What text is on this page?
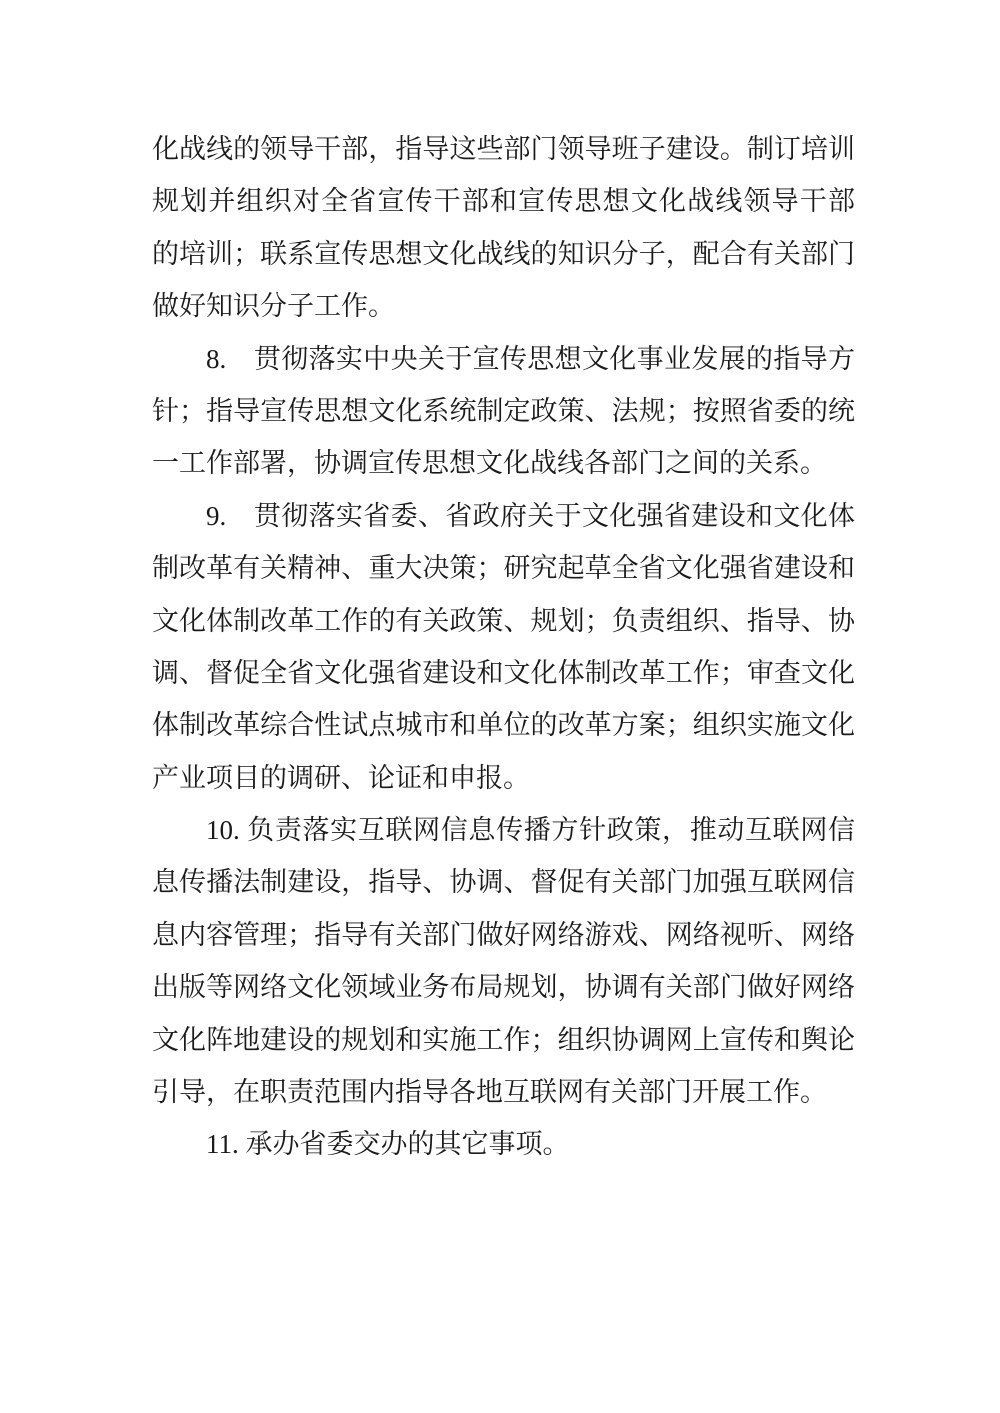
化战线的领导干部，指导这些部门领导班子建设。制订培训
规划并组织对全省宣传干部和宣传思想文化战线领导干部
的培训；联系宣传思想文化战线的知识分子，配合有关部门
做好知识分子工作。
8.　贯彻落实中央关于宣传思想文化事业发展的指导方
针；指导宣传思想文化系统制定政策、法规；按照省委的统
一工作部署，协调宣传思想文化战线各部门之间的关系。
9.　贯彻落实省委、省政府关于文化强省建设和文化体
制改革有关精神、重大决策；研究起草全省文化强省建设和
文化体制改革工作的有关政策、规划；负责组织、指导、协
调、督促全省文化强省建设和文化体制改革工作；审查文化
体制改革综合性试点城市和单位的改革方案；组织实施文化
产业项目的调研、论证和申报。
10. 负责落实互联网信息传播方针政策，推动互联网信
息传播法制建设，指导、协调、督促有关部门加强互联网信
息内容管理；指导有关部门做好网络游戏、网络视听、网络
出版等网络文化领域业务布局规划，协调有关部门做好网络
文化阵地建设的规划和实施工作；组织协调网上宣传和舆论
引导，在职责范围内指导各地互联网有关部门开展工作。
11. 承办省委交办的其它事项。
